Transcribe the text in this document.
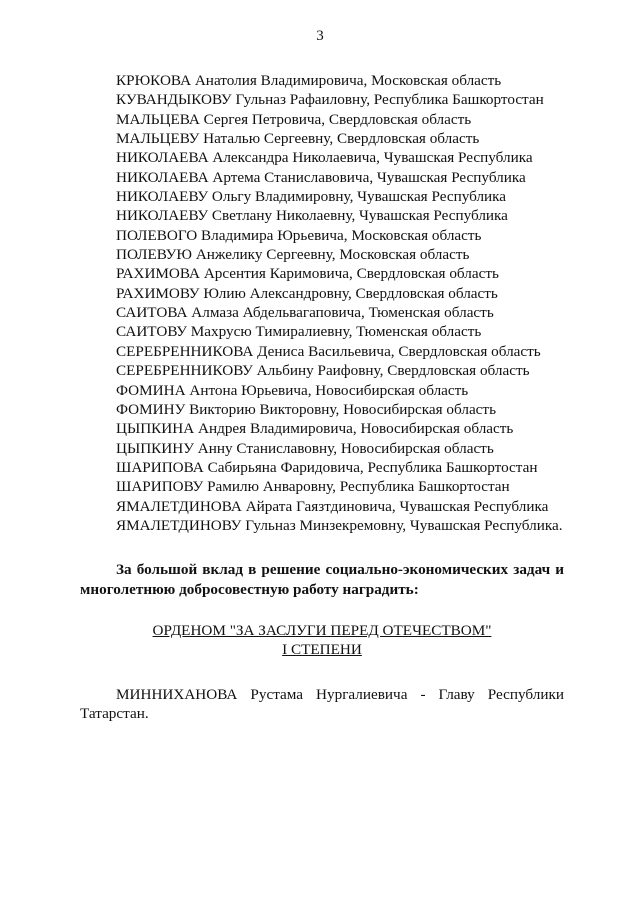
3
КРЮКОВА Анатолия Владимировича, Московская область
КУВАНДЫКОВУ Гульназ Рафаиловну, Республика Башкортостан
МАЛЬЦЕВА Сергея Петровича, Свердловская область
МАЛЬЦЕВУ Наталью Сергеевну, Свердловская область
НИКОЛАЕВА Александра Николаевича, Чувашская Республика
НИКОЛАЕВА Артема Станиславовича, Чувашская Республика
НИКОЛАЕВУ Ольгу Владимировну, Чувашская Республика
НИКОЛАЕВУ Светлану Николаевну, Чувашская Республика
ПОЛЕВОГО Владимира Юрьевича, Московская область
ПОЛЕВУЮ Анжелику Сергеевну, Московская область
РАХИМОВА Арсентия Каримовича, Свердловская область
РАХИМОВУ Юлию Александровну, Свердловская область
САИТОВА Алмаза Абдельвагаповича, Тюменская область
САИТОВУ Махрусю Тимиралиевну, Тюменская область
СЕРЕБРЕННИКОВА Дениса Васильевича, Свердловская область
СЕРЕБРЕННИКОВУ Альбину Раифовну, Свердловская область
ФОМИНА Антона Юрьевича, Новосибирская область
ФОМИНУ Викторию Викторовну, Новосибирская область
ЦЫПКИНА Андрея Владимировича, Новосибирская область
ЦЫПКИНУ Анну Станиславовну, Новосибирская область
ШАРИПОВА Сабирьяна Фаридовича, Республика Башкортостан
ШАРИПОВУ Рамилю Анваровну, Республика Башкортостан
ЯМАЛЕТДИНОВА Айрата Гаязтдиновича, Чувашская Республика
ЯМАЛЕТДИНОВУ Гульназ Минзекремовну, Чувашская Республика.
За большой вклад в решение социально-экономических задач и многолетнюю добросовестную работу наградить:
ОРДЕНОМ "ЗА ЗАСЛУГИ ПЕРЕД ОТЕЧЕСТВОМ"
I СТЕПЕНИ
МИННИХАНОВА Рустама Нургалиевича - Главу Республики Татарстан.
